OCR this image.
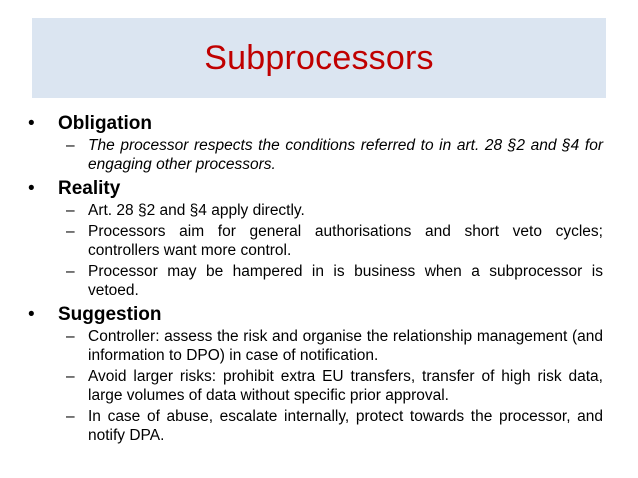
Subprocessors
•	Obligation
– The processor respects the conditions referred to in art. 28 §2 and §4 for engaging other processors.
•	Reality
– Art. 28 §2 and §4 apply directly.
– Processors aim for general authorisations and short veto cycles; controllers want more control.
– Processor may be hampered in is business when a subprocessor is vetoed.
•	Suggestion
– Controller: assess the risk and organise the relationship management (and information to DPO) in case of notification.
– Avoid larger risks: prohibit extra EU transfers, transfer of high risk data, large volumes of data without specific prior approval.
– In case of abuse, escalate internally, protect towards the processor, and notify DPA.
